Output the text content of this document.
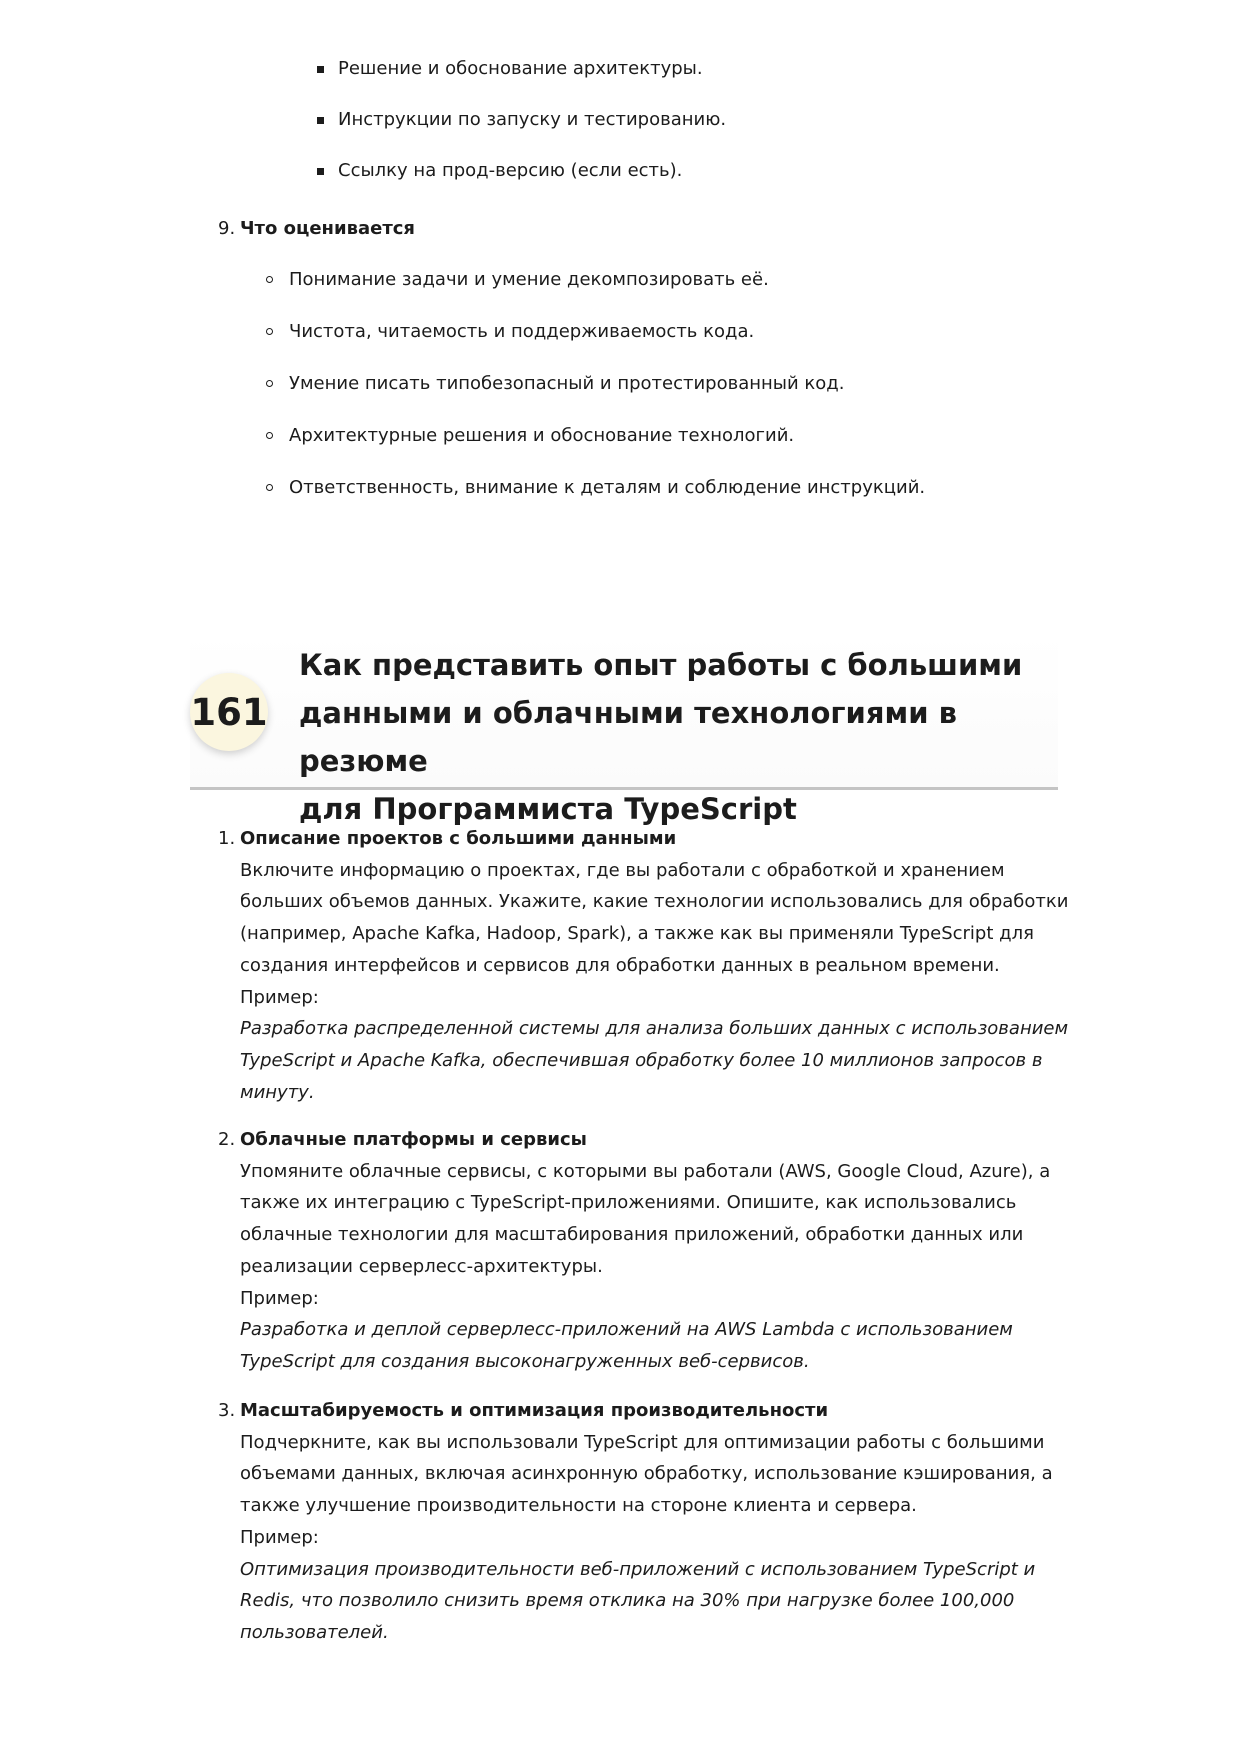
Решение и обоснование архитектуры.
Инструкции по запуску и тестированию.
Ссылку на прод-версию (если есть).
9. Что оценивается
Понимание задачи и умение декомпозировать её.
Чистота, читаемость и поддерживаемость кода.
Умение писать типобезопасный и протестированный код.
Архитектурные решения и обоснование технологий.
Ответственность, внимание к деталям и соблюдение инструкций.
161
Как представить опыт работы с большими
данными и облачными технологиями в резюме
для Программиста TypeScript
1. Описание проектов с большими данными
Включите информацию о проектах, где вы работали с обработкой и хранением
больших объемов данных. Укажите, какие технологии использовались для обработки
(например, Apache Kafka, Hadoop, Spark), а также как вы применяли TypeScript для
создания интерфейсов и сервисов для обработки данных в реальном времени.
Пример:
Разработка распределенной системы для анализа больших данных с использованием
TypeScript и Apache Kafka, обеспечившая обработку более 10 миллионов запросов в
минуту.
2. Облачные платформы и сервисы
Упомяните облачные сервисы, с которыми вы работали (AWS, Google Cloud, Azure), а
также их интеграцию с TypeScript-приложениями. Опишите, как использовались
облачные технологии для масштабирования приложений, обработки данных или
реализации серверлесс-архитектуры.
Пример:
Разработка и деплой серверлесс-приложений на AWS Lambda с использованием
TypeScript для создания высоконагруженных веб-сервисов.
3. Масштабируемость и оптимизация производительности
Подчеркните, как вы использовали TypeScript для оптимизации работы с большими
объемами данных, включая асинхронную обработку, использование кэширования, а
также улучшение производительности на стороне клиента и сервера.
Пример:
Оптимизация производительности веб-приложений с использованием TypeScript и
Redis, что позволило снизить время отклика на 30% при нагрузке более 100,000
пользователей.
